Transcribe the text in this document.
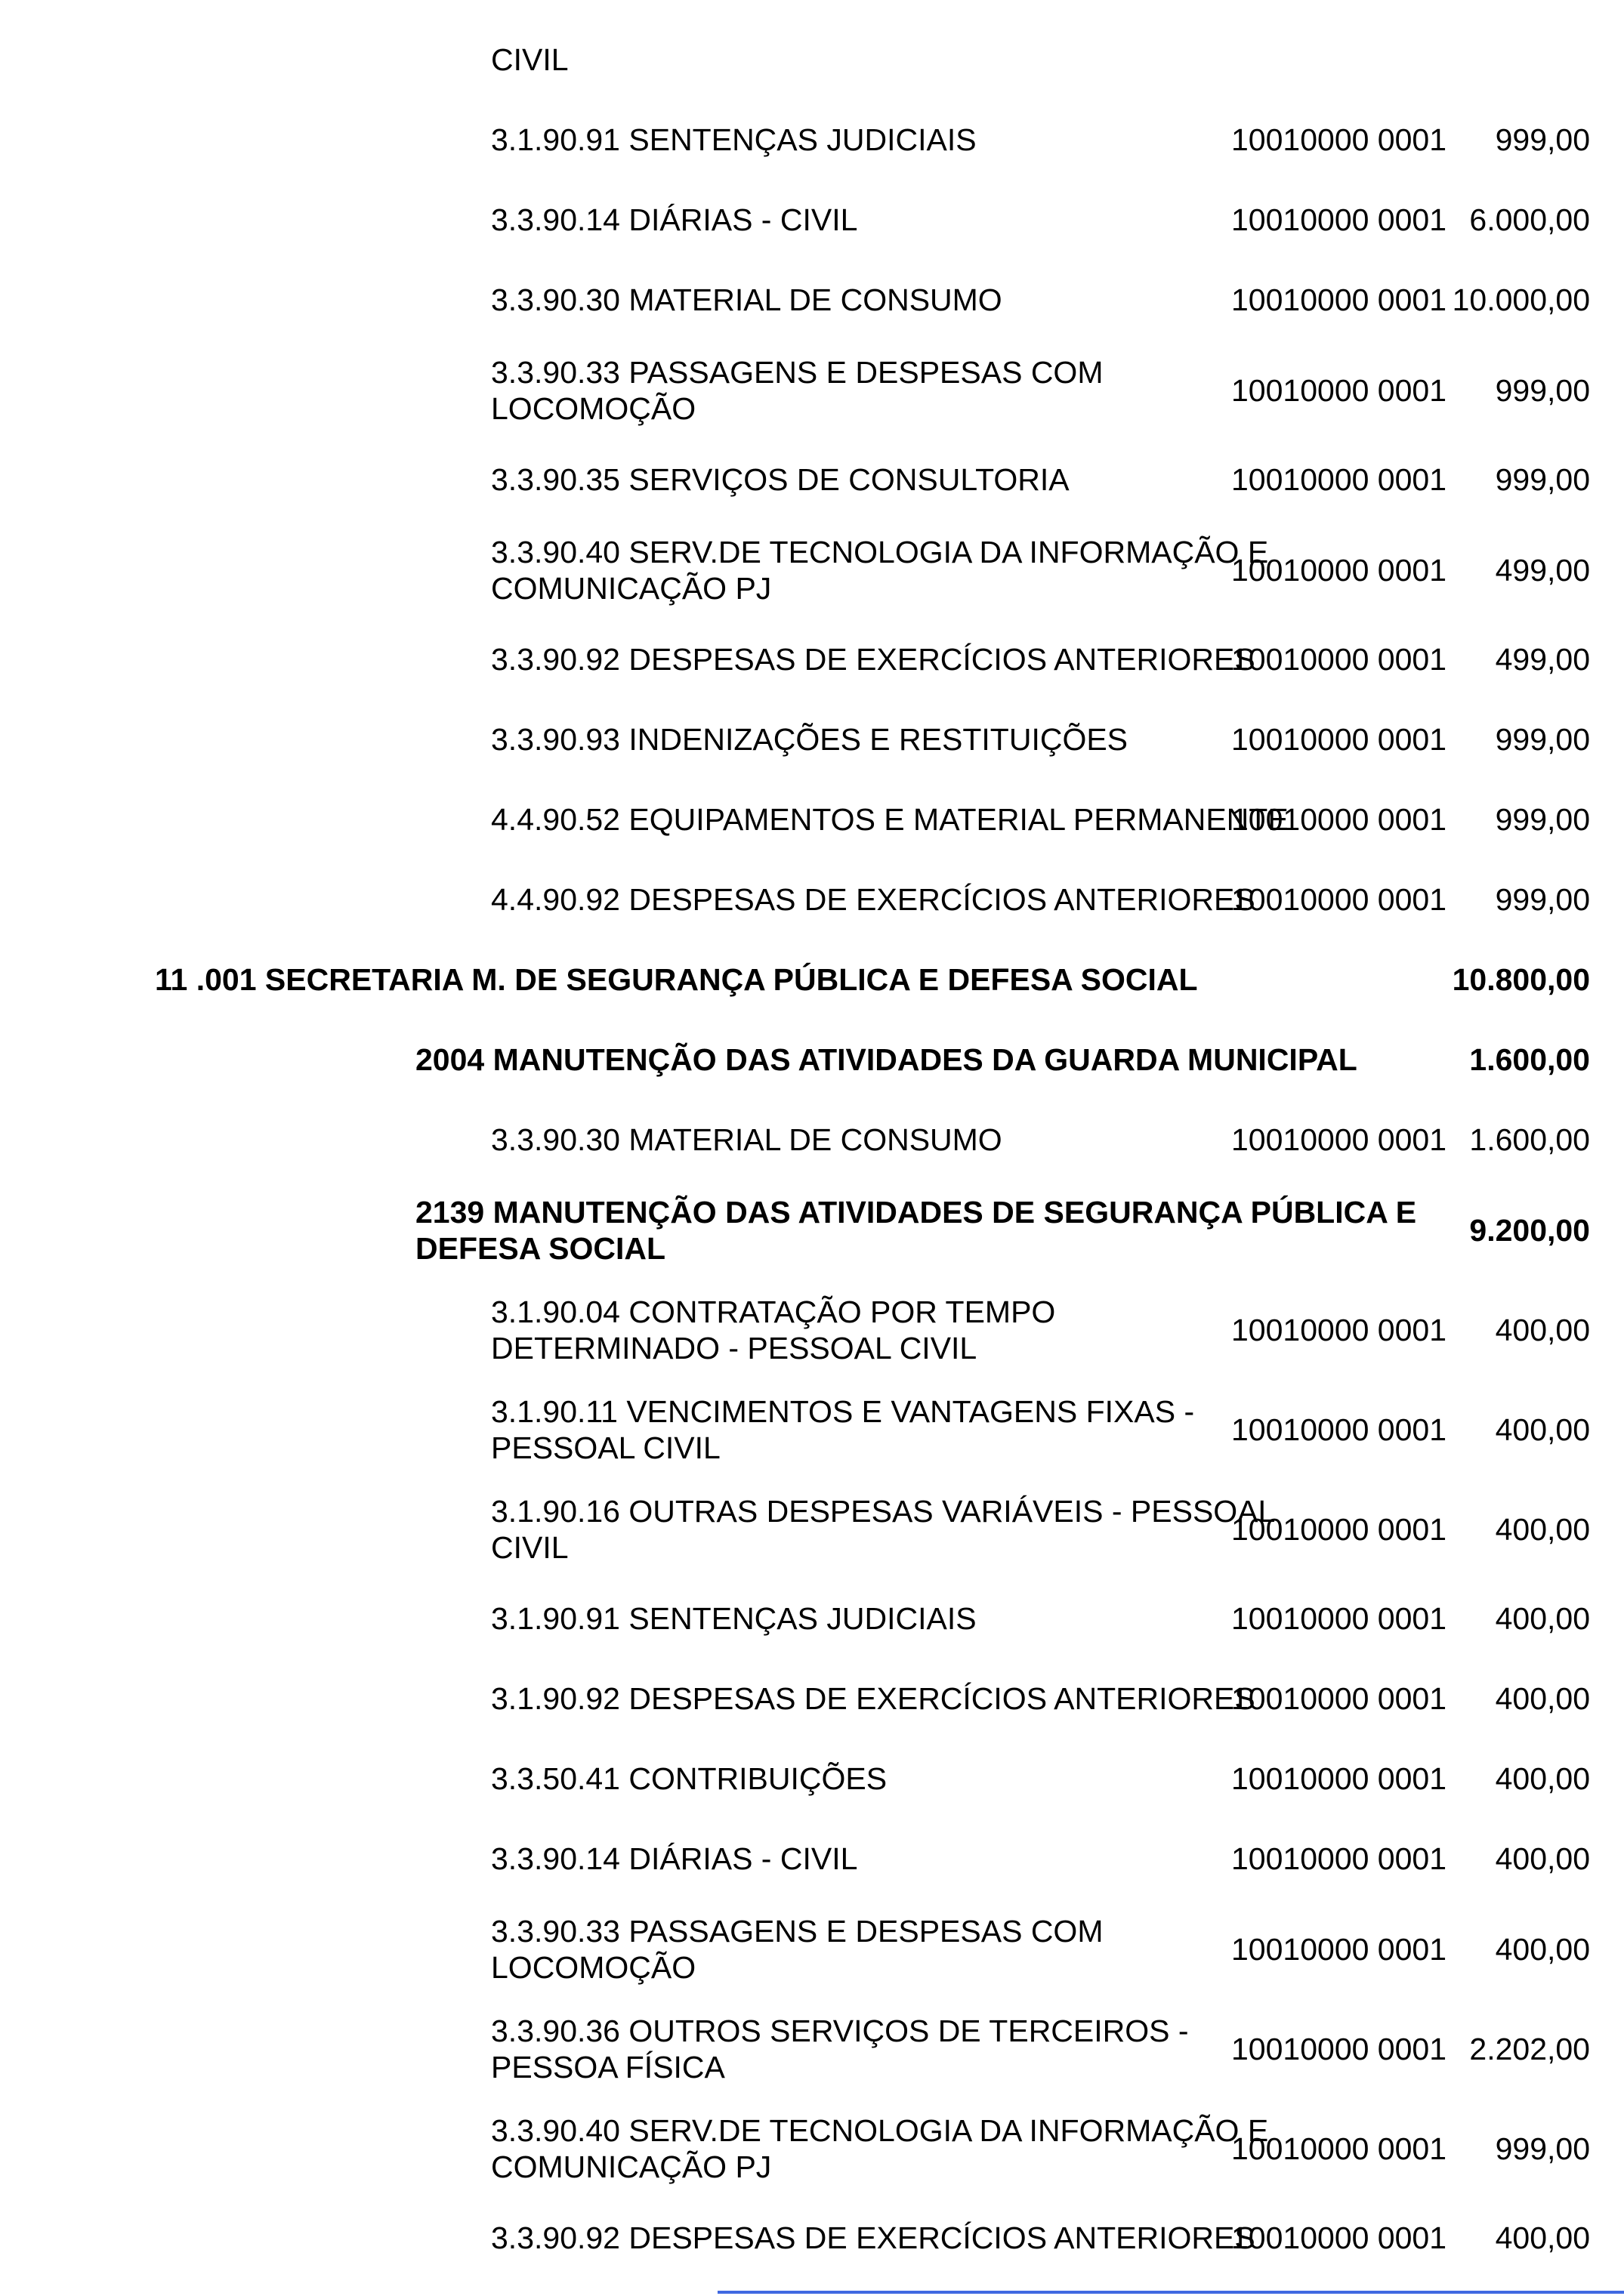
CIVIL
3.1.90.91 SENTENÇAS JUDICIAIS	10010000 0001	999,00
3.3.90.14 DIÁRIAS - CIVIL	10010000 0001 6.000,00
3.3.90.30 MATERIAL DE CONSUMO	10010000 0001 10.000,00
3.3.90.33 PASSAGENS E DESPESAS COM
LOCOMOÇÃO
10010000 0001	999,00
3.3.90.35 SERVIÇOS DE CONSULTORIA	10010000 0001	999,00
3.3.90.40 SERV.DE TECNOLOGIA DA INFORMAÇÃO E
COMUNICAÇÃO PJ
10010000 0001	499,00
3.3.90.92 DESPESAS DE EXERCÍCIOS ANTERIORES
10010000 0001	499,00
3.3.90.93 INDENIZAÇÕES E RESTITUIÇÕES	10010000 0001	999,00
4.4.90.52 EQUIPAMENTOS E MATERIAL PERMANENTE
10010000 0001	999,00
4.4.90.92 DESPESAS DE EXERCÍCIOS ANTERIORES
10010000 0001	999,00
11 .001 SECRETARIA M. DE SEGURANÇA PÚBLICA E DEFESA SOCIAL	10.800,00
2004 MANUTENÇÃO DAS ATIVIDADES DA GUARDA MUNICIPAL	1.600,00
3.3.90.30 MATERIAL DE CONSUMO	10010000 0001 1.600,00
2139 MANUTENÇÃO DAS ATIVIDADES DE SEGURANÇA PÚBLICA E
DEFESA SOCIAL
9.200,00
3.1.90.04 CONTRATAÇÃO POR TEMPO
DETERMINADO - PESSOAL CIVIL
10010000 0001	400,00
3.1.90.11 VENCIMENTOS E VANTAGENS FIXAS -
PESSOAL CIVIL
10010000 0001	400,00
3.1.90.16 OUTRAS DESPESAS VARIÁVEIS - PESSOAL
CIVIL
10010000 0001	400,00
3.1.90.91 SENTENÇAS JUDICIAIS	10010000 0001	400,00
3.1.90.92 DESPESAS DE EXERCÍCIOS ANTERIORES
10010000 0001	400,00
3.3.50.41 CONTRIBUIÇÕES	10010000 0001	400,00
3.3.90.14 DIÁRIAS - CIVIL	10010000 0001	400,00
3.3.90.33 PASSAGENS E DESPESAS COM
LOCOMOÇÃO
10010000 0001	400,00
3.3.90.36 OUTROS SERVIÇOS DE TERCEIROS -
PESSOA FÍSICA
10010000 0001 2.202,00
3.3.90.40 SERV.DE TECNOLOGIA DA INFORMAÇÃO E
COMUNICAÇÃO PJ
10010000 0001	999,00
3.3.90.92 DESPESAS DE EXERCÍCIOS ANTERIORES
10010000 0001	400,00
